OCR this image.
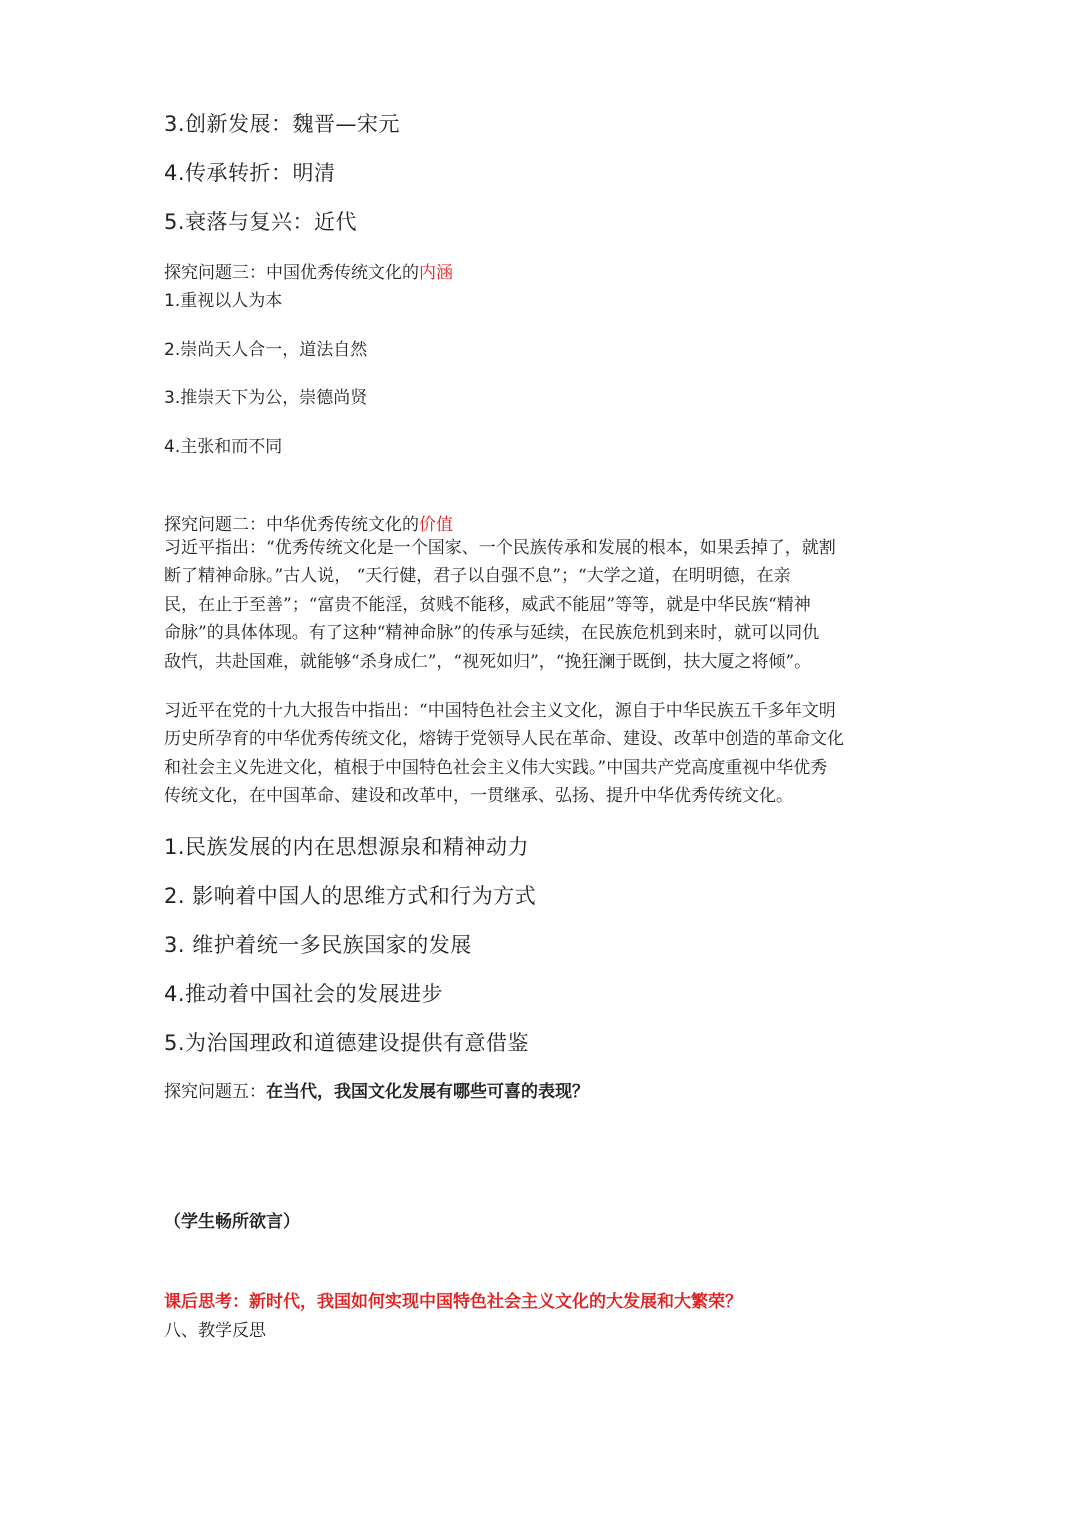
3.创新发展：魏晋—宋元
4.传承转折：明清
5.衰落与复兴：近代
探究问题三：中国优秀传统文化的内涵
1.重视以人为本
2.崇尚天人合一，道法自然
3.推崇天下为公，崇德尚贤
4.主张和而不同
探究问题二：中华优秀传统文化的价值
习近平指出：“优秀传统文化是一个国家、一个民族传承和发展的根本，如果丢掉了，就割
断了精神命脉。”古人说， “天行健，君子以自强不息”；“大学之道，在明明德，在亲
民，在止于至善”；“富贵不能淫，贫贱不能移，威武不能屈”等等，就是中华民族“精神
命脉”的具体体现。有了这种“精神命脉”的传承与延续，在民族危机到来时，就可以同仇
敌忾，共赴国难，就能够“杀身成仁”，“视死如归”，“挽狂澜于既倒，扶大厦之将倾”。
习近平在党的十九大报告中指出：“中国特色社会主义文化，源自于中华民族五千多年文明
历史所孕育的中华优秀传统文化，熔铸于党领导人民在革命、建设、改革中创造的革命文化
和社会主义先进文化，植根于中国特色社会主义伟大实践。”中国共产党高度重视中华优秀
传统文化，在中国革命、建设和改革中，一贯继承、弘扬、提升中华优秀传统文化。
1.民族发展的内在思想源泉和精神动力
2. 影响着中国人的思维方式和行为方式
3. 维护着统一多民族国家的发展
4.推动着中国社会的发展进步
5.为治国理政和道德建设提供有意借鉴
探究问题五：在当代，我国文化发展有哪些可喜的表现？
（学生畅所欲言）
课后思考：新时代，我国如何实现中国特色社会主义文化的大发展和大繁荣？
八、教学反思
